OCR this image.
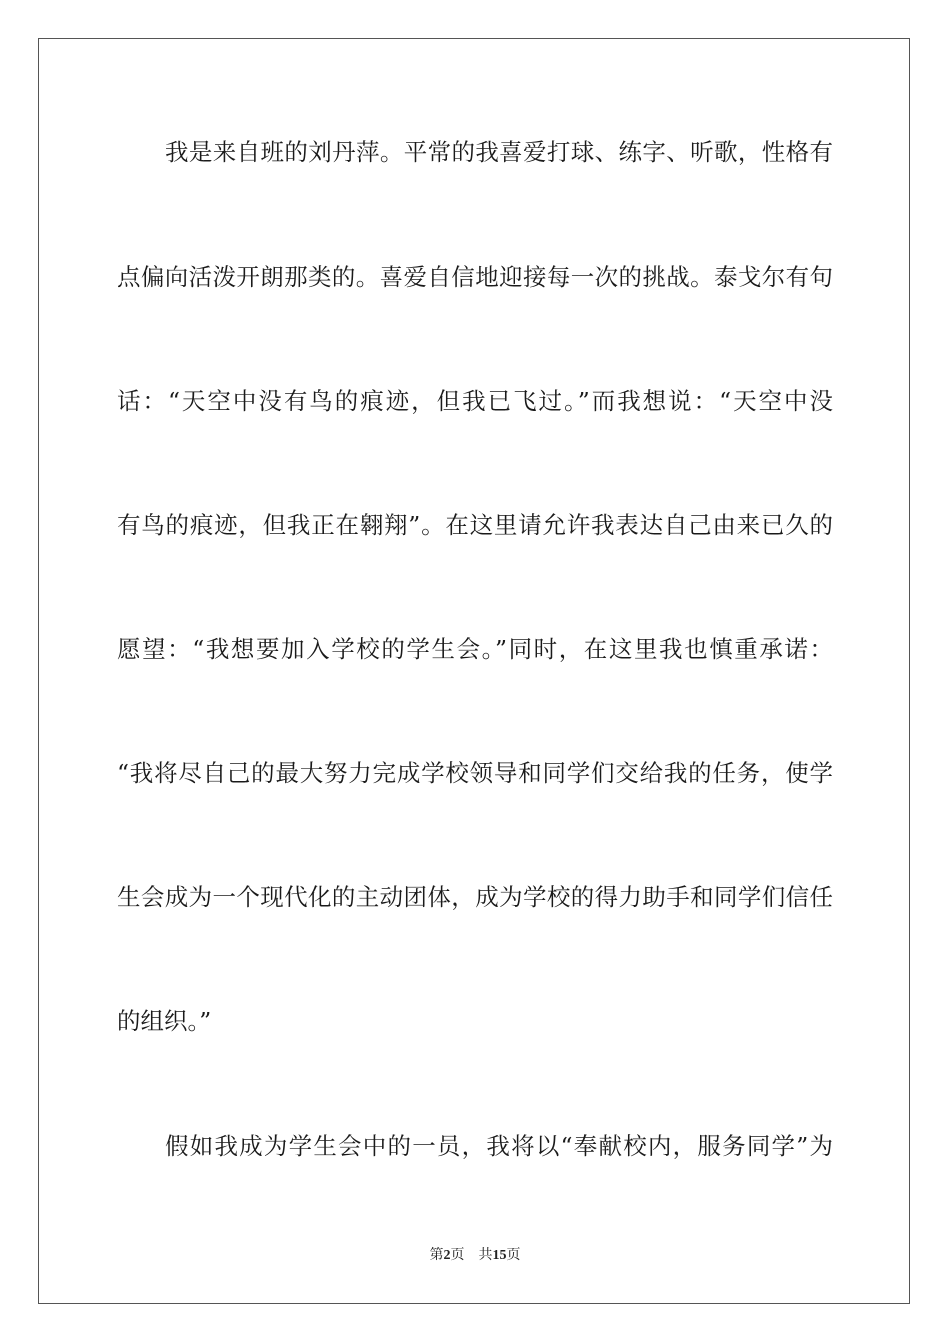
我是来自班的刘丹萍。平常的我喜爱打球、练字、听歌，性格有
点偏向活泼开朗那类的。喜爱自信地迎接每一次的挑战。泰戈尔有句
话：“天空中没有鸟的痕迹，但我已飞过。”而我想说：“天空中没
有鸟的痕迹，但我正在翱翔”。在这里请允许我表达自己由来已久的
愿望：“我想要加入学校的学生会。”同时，在这里我也慎重承诺：
“我将尽自己的最大努力完成学校领导和同学们交给我的任务，使学
生会成为一个现代化的主动团体，成为学校的得力助手和同学们信任
的组织。”
假如我成为学生会中的一员，我将以“奉献校内，服务同学”为
第2页 共15页
